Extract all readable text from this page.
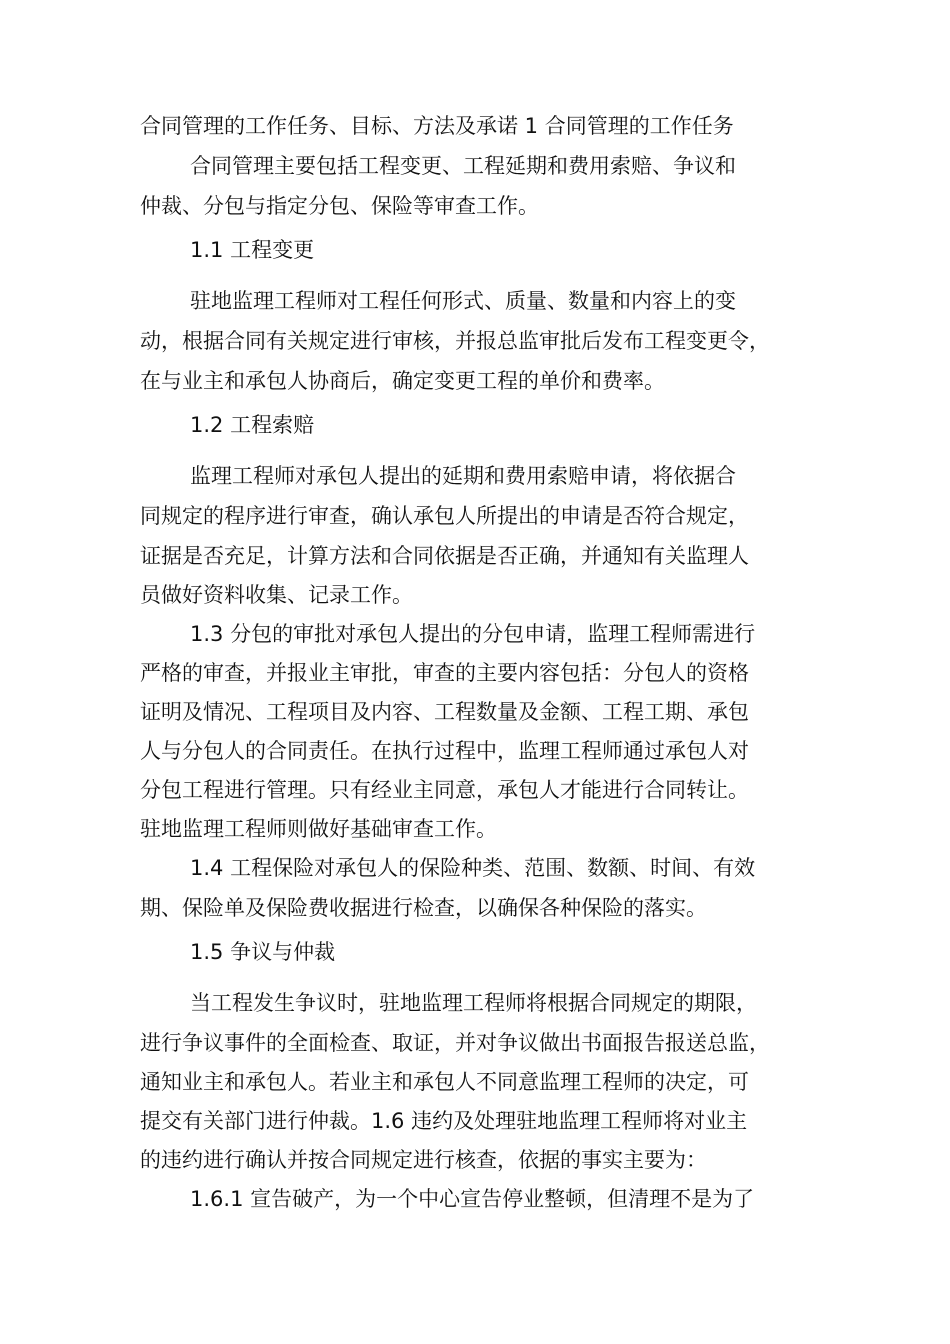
合同管理的工作任务、目标、方法及承诺 1 合同管理的工作任务
合同管理主要包括工程变更、工程延期和费用索赔、争议和
仲裁、分包与指定分包、保险等审查工作。
1.1 工程变更
驻地监理工程师对工程任何形式、质量、数量和内容上的变
动，根据合同有关规定进行审核，并报总监审批后发布工程变更令，
在与业主和承包人协商后，确定变更工程的单价和费率。
1.2 工程索赔
监理工程师对承包人提出的延期和费用索赔申请，将依据合
同规定的程序进行审查，确认承包人所提出的申请是否符合规定，
证据是否充足，计算方法和合同依据是否正确，并通知有关监理人
员做好资料收集、记录工作。
1.3 分包的审批对承包人提出的分包申请，监理工程师需进行
严格的审查，并报业主审批，审查的主要内容包括：分包人的资格
证明及情况、工程项目及内容、工程数量及金额、工程工期、承包
人与分包人的合同责任。在执行过程中，监理工程师通过承包人对
分包工程进行管理。只有经业主同意，承包人才能进行合同转让。
驻地监理工程师则做好基础审查工作。
1.4 工程保险对承包人的保险种类、范围、数额、时间、有效
期、保险单及保险费收据进行检查，以确保各种保险的落实。
1.5 争议与仲裁
当工程发生争议时，驻地监理工程师将根据合同规定的期限，
进行争议事件的全面检查、取证，并对争议做出书面报告报送总监，
通知业主和承包人。若业主和承包人不同意监理工程师的决定，可
提交有关部门进行仲裁。1.6 违约及处理驻地监理工程师将对业主
的违约进行确认并按合同规定进行核查，依据的事实主要为：
1.6.1 宣告破产，为一个中心宣告停业整顿，但清理不是为了
